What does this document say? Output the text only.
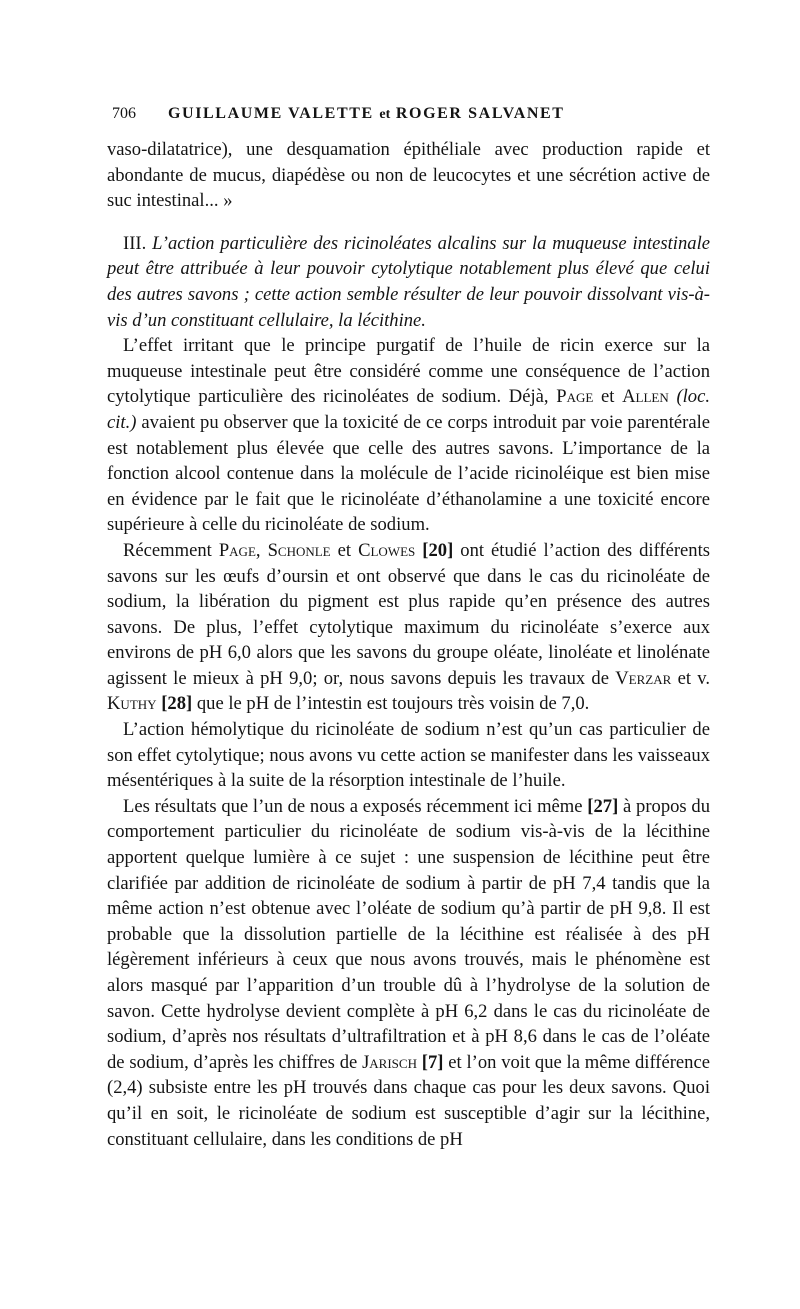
706 GUILLAUME VALETTE et ROGER SALVANET

vaso-dilatatrice), une desquamation épithéliale avec production rapide et abondante de mucus, diapédèse ou non de leucocytes et une sécrétion active de suc intestinal... »

III. L’action particulière des ricinoléates alcalins sur la muqueuse intestinale peut être attribuée à leur pouvoir cytolytique notablement plus élevé que celui des autres savons ; cette action semble résulter de leur pouvoir dissolvant vis-à-vis d’un constituant cellulaire, la lécithine.

L’effet irritant que le principe purgatif de l’huile de ricin exerce sur la muqueuse intestinale peut être considéré comme une conséquence de l’action cytolytique particulière des ricinoléates de sodium. Déjà, Page et Allen (loc. cit.) avaient pu observer que la toxicité de ce corps introduit par voie parentérale est notablement plus élevée que celle des autres savons. L’importance de la fonction alcool contenue dans la molécule de l’acide ricinoléique est bien mise en évidence par le fait que le ricinoléate d’éthanolamine a une toxicité encore supérieure à celle du ricinoléate de sodium.

Récemment Page, Schonle et Clowes [20] ont étudié l’action des différents savons sur les œufs d’oursin et ont observé que dans le cas du ricinoléate de sodium, la libération du pigment est plus rapide qu’en présence des autres savons. De plus, l’effet cytolytique maximum du ricinoléate s’exerce aux environs de pH 6,0 alors que les savons du groupe oléate, linoléate et linolénate agissent le mieux à pH 9,0; or, nous savons depuis les travaux de Verzar et v. Kuthy [28] que le pH de l’intestin est toujours très voisin de 7,0.

L’action hémolytique du ricinoléate de sodium n’est qu’un cas particulier de son effet cytolytique; nous avons vu cette action se manifester dans les vaisseaux mésentériques à la suite de la résorption intestinale de l’huile.

Les résultats que l’un de nous a exposés récemment ici même [27] à propos du comportement particulier du ricinoléate de sodium vis-à-vis de la lécithine apportent quelque lumière à ce sujet : une suspension de lécithine peut être clarifiée par addition de ricinoléate de sodium à partir de pH 7,4 tandis que la même action n’est obtenue avec l’oléate de sodium qu’à partir de pH 9,8. Il est probable que la dissolution partielle de la lécithine est réalisée à des pH légèrement inférieurs à ceux que nous avons trouvés, mais le phénomène est alors masqué par l’apparition d’un trouble dû à l’hydrolyse de la solution de savon. Cette hydrolyse devient complète à pH 6,2 dans le cas du ricinoléate de sodium, d’après nos résultats d’ultrafiltration et à pH 8,6 dans le cas de l’oléate de sodium, d’après les chiffres de Jarisch [7] et l’on voit que la même différence (2,4) subsiste entre les pH trouvés dans chaque cas pour les deux savons. Quoi qu’il en soit, le ricinoléate de sodium est susceptible d’agir sur la lécithine, constituant cellulaire, dans les conditions de pH
